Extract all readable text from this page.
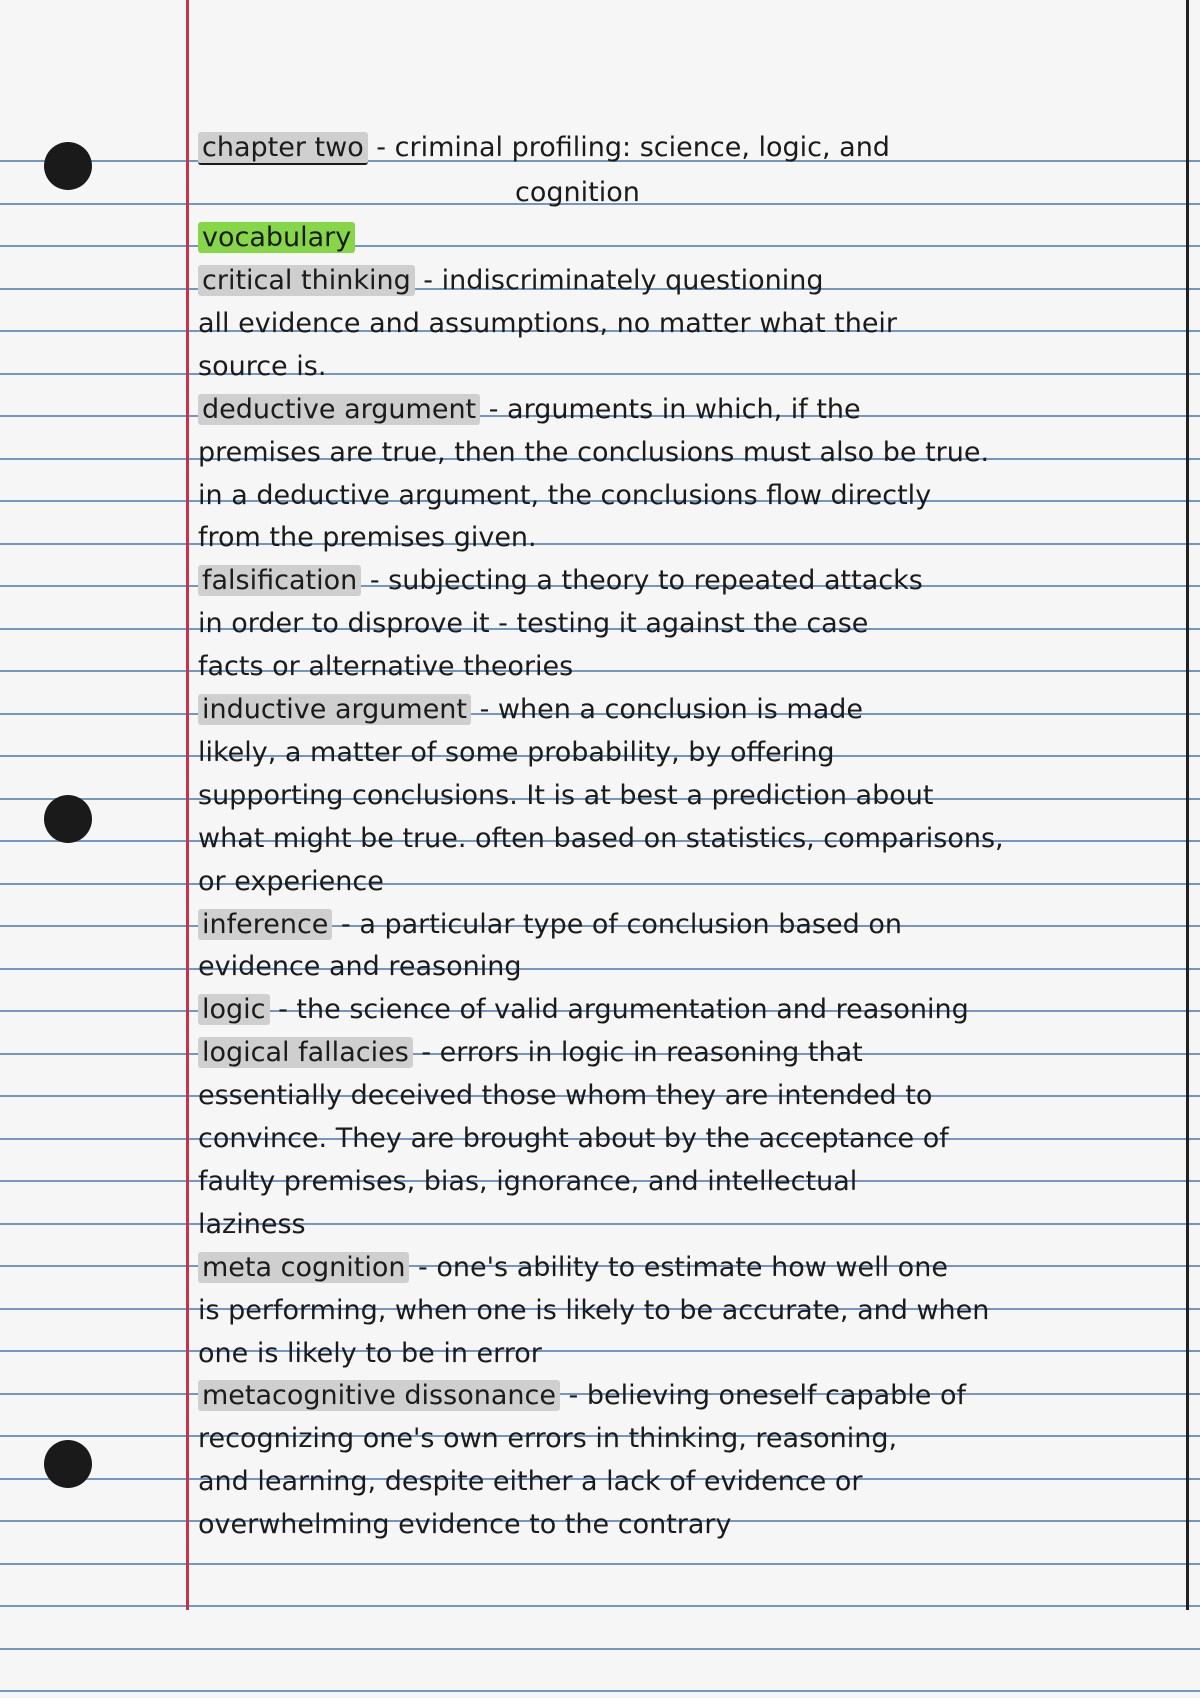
chapter two - criminal profiling: science, logic, and

cognition

vocabulary

critical thinking - indiscriminately questioning

all evidence and assumptions, no matter what their

source is.

deductive argument - arguments in which, if the

premises are true, then the conclusions must also be true.

in a deductive argument, the conclusions flow directly

from the premises given.

falsification - subjecting a theory to repeated attacks

in order to disprove it - testing it against the case

facts or alternative theories

inductive argument - when a conclusion is made

likely, a matter of some probability, by offering

supporting conclusions. It is at best a prediction about

what might be true. often based on statistics, comparisons,

or experience

inference - a particular type of conclusion based on

evidence and reasoning

logic - the science of valid argumentation and reasoning

logical fallacies - errors in logic in reasoning that

essentially deceived those whom they are intended to

convince. They are brought about by the acceptance of

faulty premises, bias, ignorance, and intellectual

laziness

meta cognition - one's ability to estimate how well one

is performing, when one is likely to be accurate, and when

one is likely to be in error

metacognitive dissonance - believing oneself capable of

recognizing one's own errors in thinking, reasoning,

and learning, despite either a lack of evidence or

overwhelming evidence to the contrary
